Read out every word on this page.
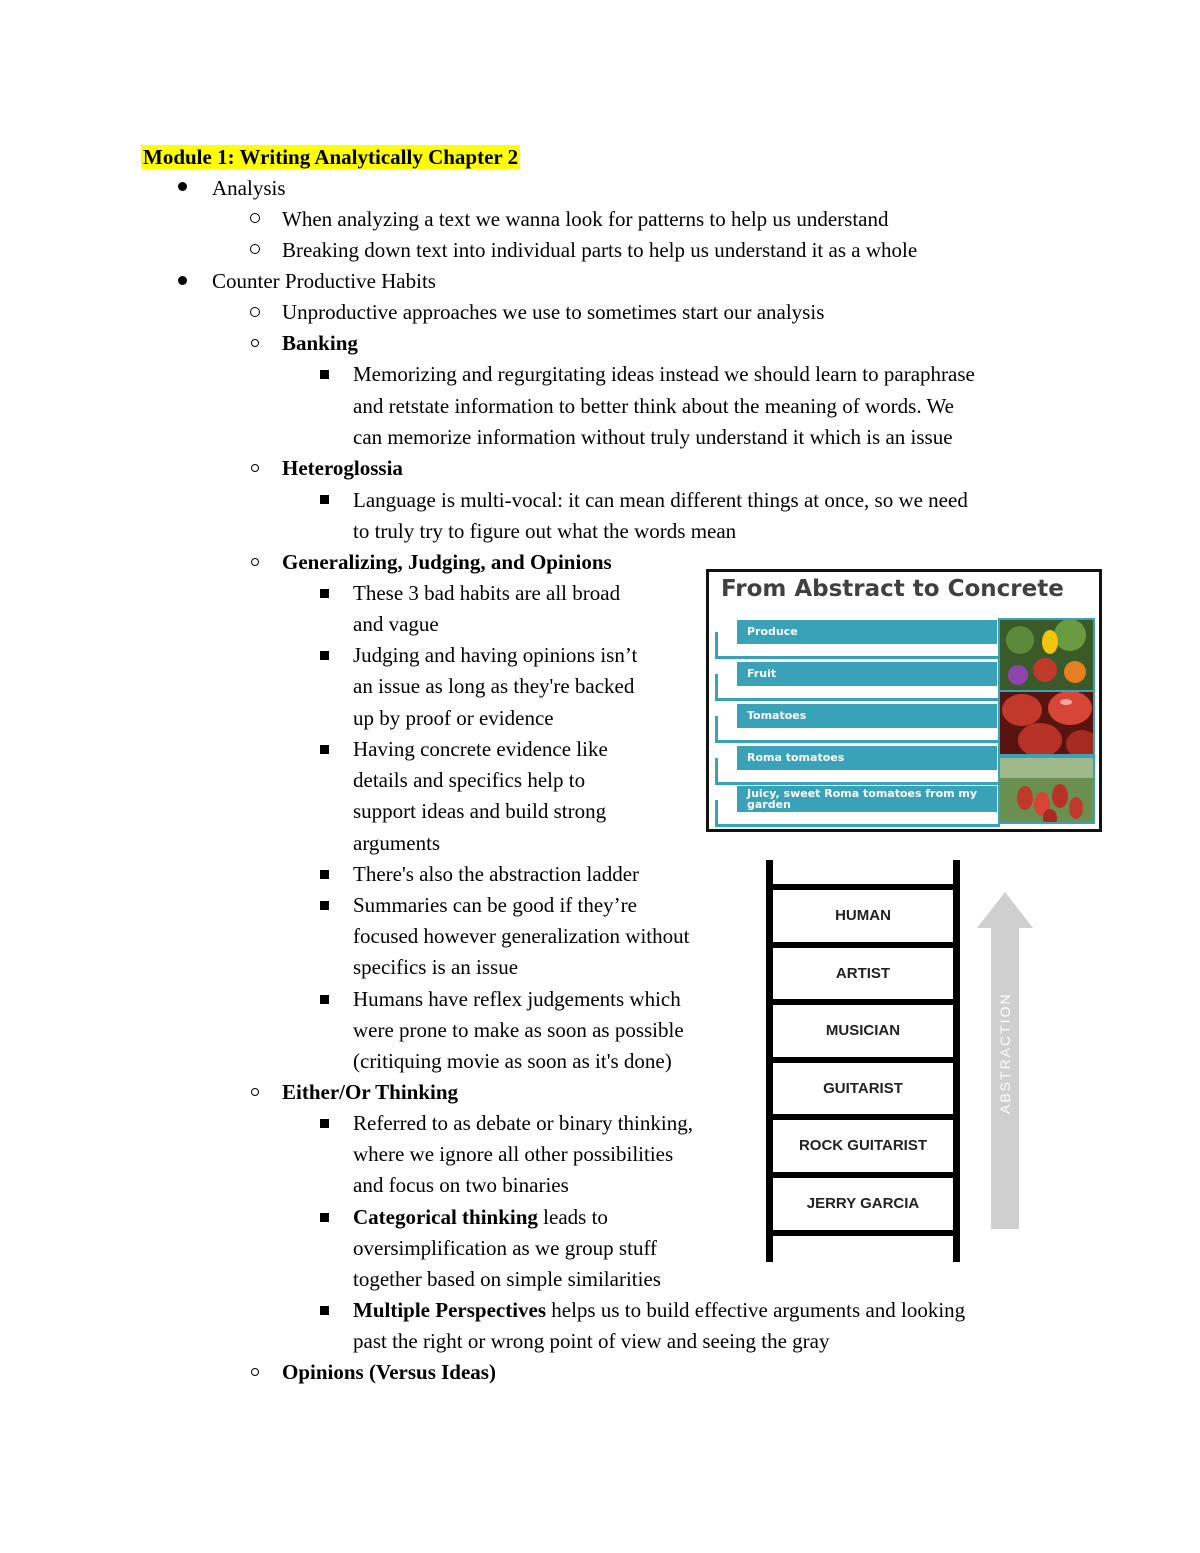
Module 1: Writing Analytically Chapter 2
Analysis
When analyzing a text we wanna look for patterns to help us understand
Breaking down text into individual parts to help us understand it as a whole
Counter Productive Habits
Unproductive approaches we use to sometimes start our analysis
Banking
Memorizing and regurgitating ideas instead we should learn to paraphrase
and retstate information to better think about the meaning of words. We
can memorize information without truly understand it which is an issue
Heteroglossia
Language is multi-vocal: it can mean different things at once, so we need
to truly try to figure out what the words mean
Generalizing, Judging, and Opinions
These 3 bad habits are all broad
and vague
Judging and having opinions isn’t
an issue as long as they're backed
up by proof or evidence
Having concrete evidence like
details and specifics help to
support ideas and build strong
arguments
There's also the abstraction ladder
Summaries can be good if they’re
focused however generalization without
specifics is an issue
Humans have reflex judgements which
were prone to make as soon as possible
(critiquing movie as soon as it's done)
Either/Or Thinking
Referred to as debate or binary thinking,
where we ignore all other possibilities
and focus on two binaries
Categorical thinking leads to
oversimplification as we group stuff
together based on simple similarities
Multiple Perspectives helps us to build effective arguments and looking
past the right or wrong point of view and seeing the gray
Opinions (Versus Ideas)
From Abstract to Concrete
Produce
Fruit
Tomatoes
Roma tomatoes
Juicy, sweet Roma tomatoes from my garden
HUMAN
ARTIST
MUSICIAN
GUITARIST
ROCK GUITARIST
JERRY GARCIA
ABSTRACTION
